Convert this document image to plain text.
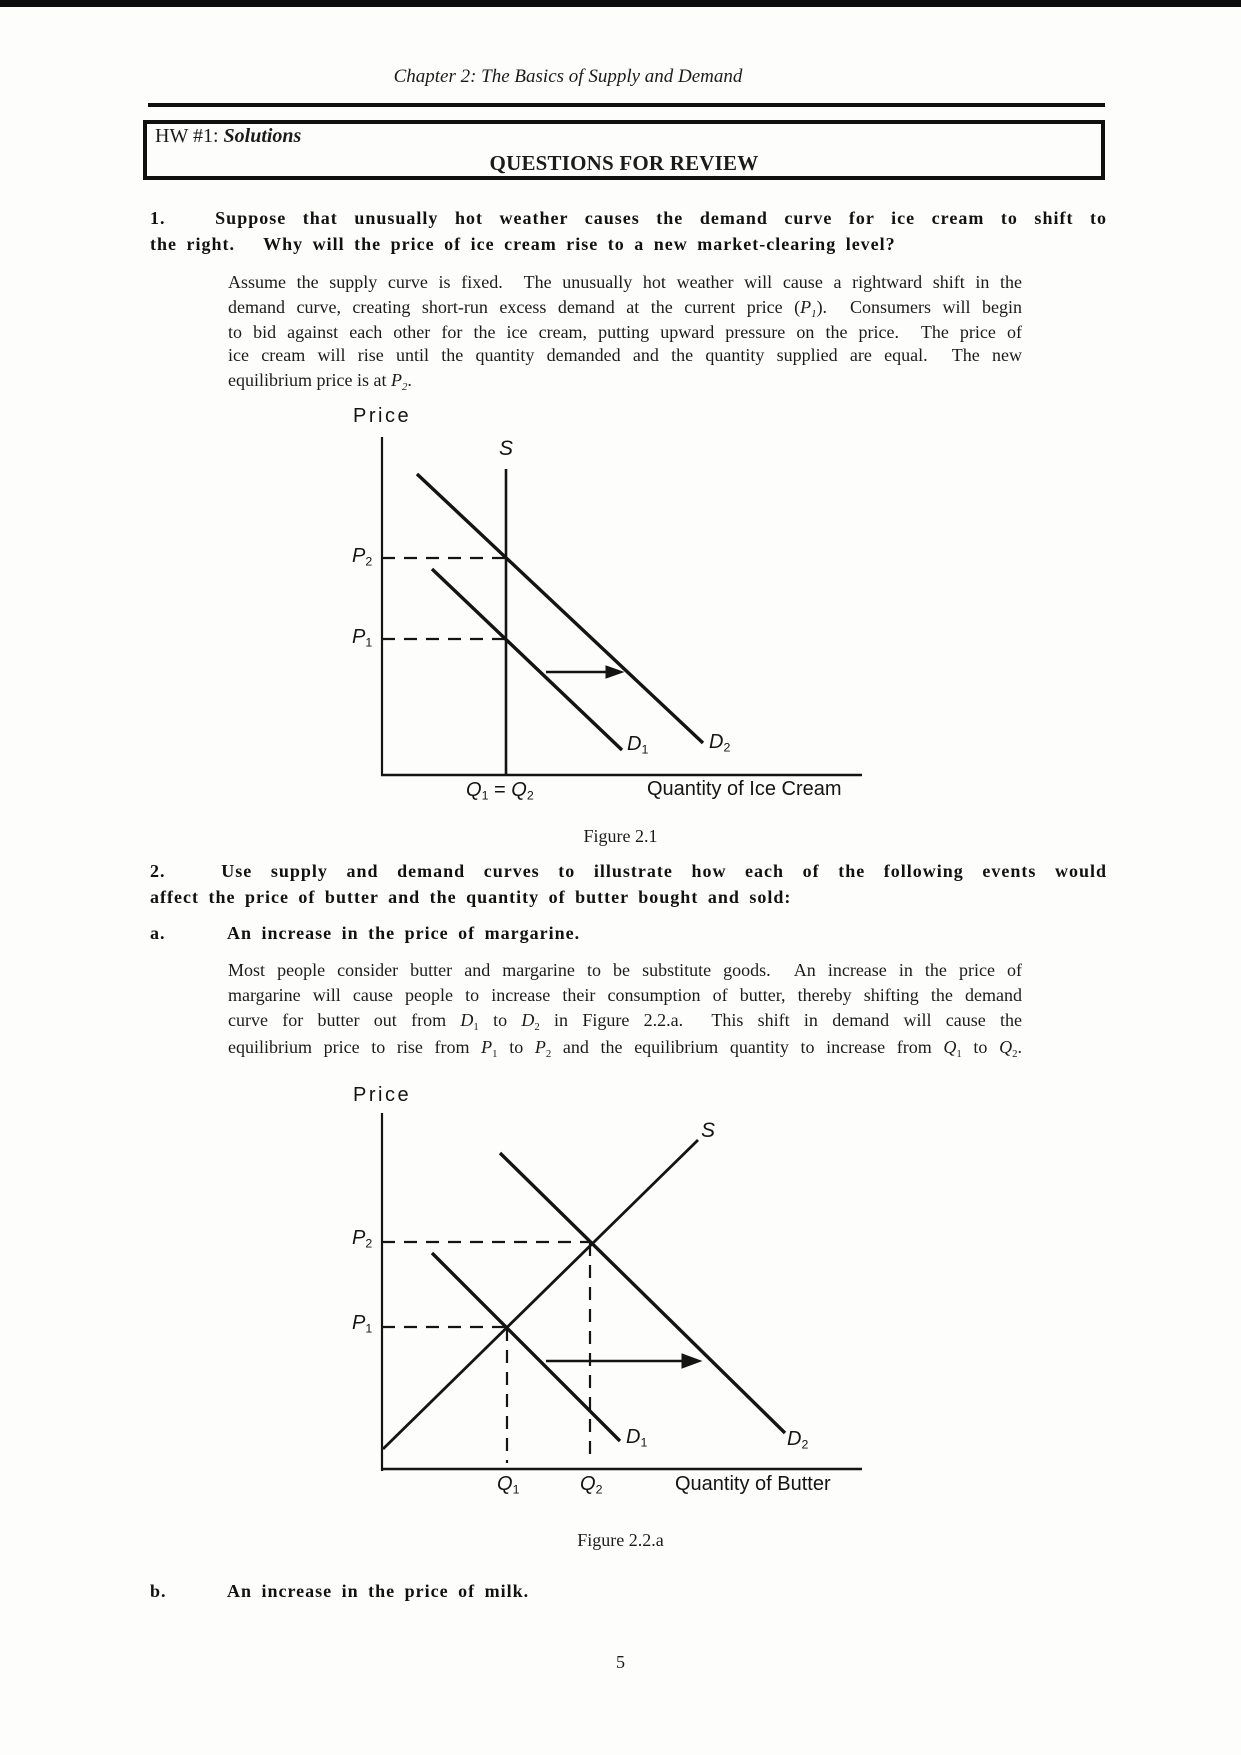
Chapter 2: The Basics of Supply and Demand
HW #1: Solutions
QUESTIONS FOR REVIEW
1.   Suppose that unusually hot weather causes the demand curve for ice cream to shift to
the right.   Why will the price of ice cream rise to a new market-clearing level?
Assume the supply curve is fixed.  The unusually hot weather will cause a rightward shift in the
demand curve, creating short-run excess demand at the current price $(P_1)$.  Consumers will begin
to bid against each other for the ice cream, putting upward pressure on the price.  The price of
ice cream will rise until the quantity demanded and the quantity supplied are equal.  The new
equilibrium price is at $P_2$.
Price
S
$P_2$
$P_1$
$D_1$	$D_2$
$Q_1 = Q_2$	Quantity of Ice Cream
Figure 2.1
2.   Use supply and demand curves to illustrate how each of the following events would
affect the price of butter and the quantity of butter bought and sold:
a.	An increase in the price of margarine.
Most people consider butter and margarine to be substitute goods.  An increase in the price of
margarine will cause people to increase their consumption of butter, thereby shifting the demand
curve for butter out from $D_1$ to $D_2$ in Figure 2.2.a.  This shift in demand will cause the
equilibrium price to rise from $P_1$ to $P_2$ and the equilibrium quantity to increase from $Q_1$ to $Q_2$.
Price
S
$P_2$
$P_1$
$D_1$	$D_2$
$Q_1$	$Q_2$	Quantity of Butter
Figure 2.2.a
b.	An increase in the price of milk.
5
